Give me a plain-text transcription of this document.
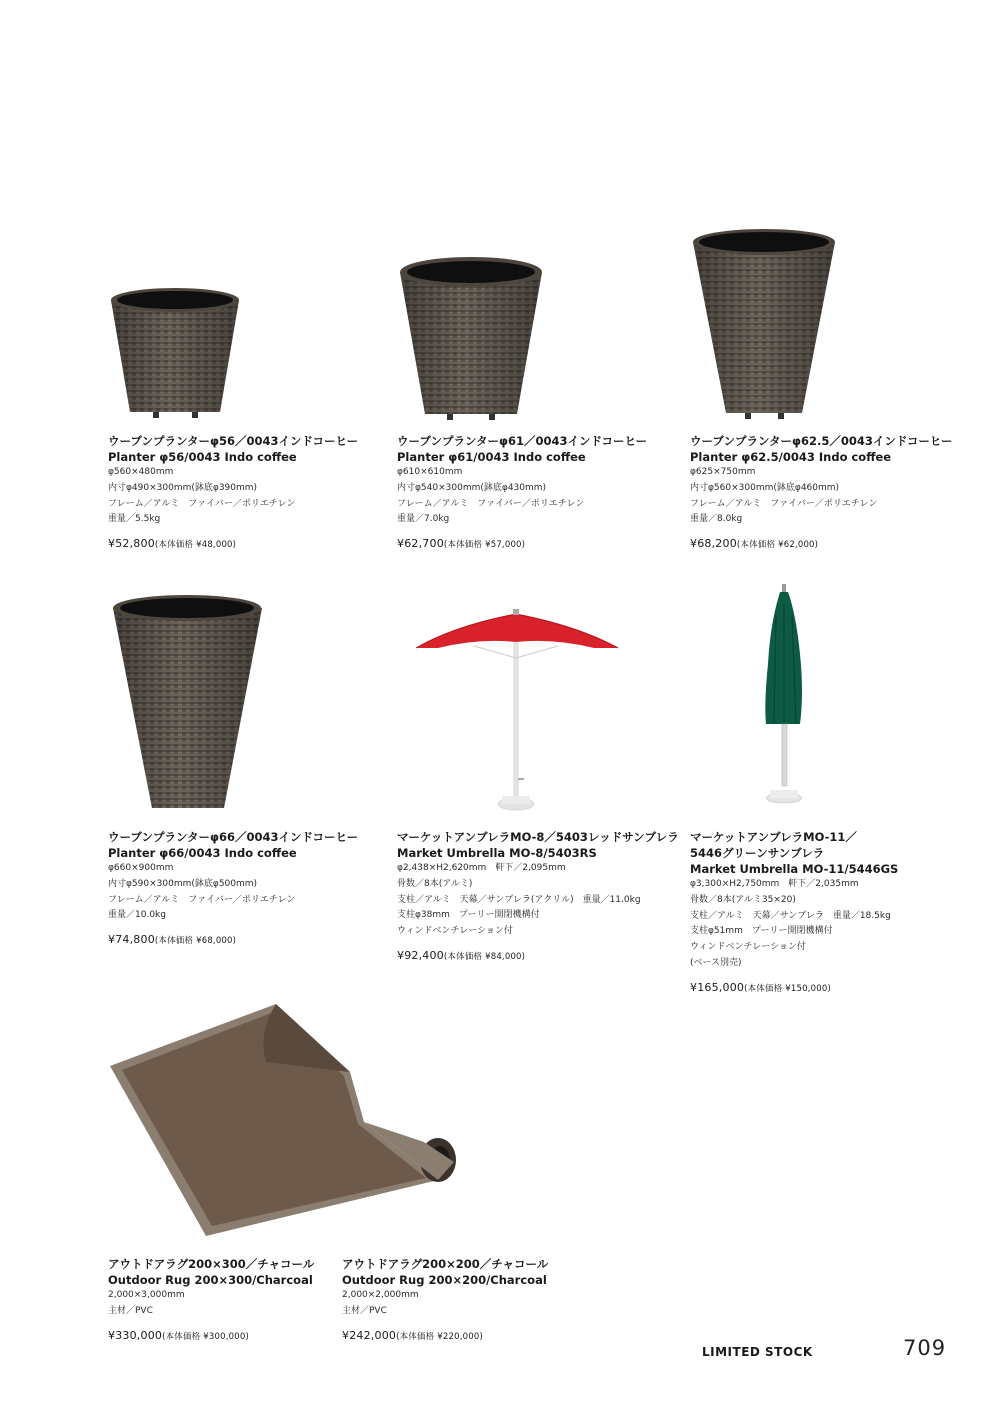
ウーブンプランターφ56／0043インドコーヒー
Planter φ56/0043 Indo coffee
φ560×480mm
内寸φ490×300mm(鉢底φ390mm)
フレーム／アルミ　ファイバー／ポリエチレン
重量／5.5kg
¥52,800(本体価格 ¥48,000)
ウーブンプランターφ61／0043インドコーヒー
Planter φ61/0043 Indo coffee
φ610×610mm
内寸φ540×300mm(鉢底φ430mm)
フレーム／アルミ　ファイバー／ポリエチレン
重量／7.0kg
¥62,700(本体価格 ¥57,000)
ウーブンプランターφ62.5／0043インドコーヒー
Planter φ62.5/0043 Indo coffee
φ625×750mm
内寸φ560×300mm(鉢底φ460mm)
フレーム／アルミ　ファイバー／ポリエチレン
重量／8.0kg
¥68,200(本体価格 ¥62,000)
ウーブンプランターφ66／0043インドコーヒー
Planter φ66/0043 Indo coffee
φ660×900mm
内寸φ590×300mm(鉢底φ500mm)
フレーム／アルミ　ファイバー／ポリエチレン
重量／10.0kg
¥74,800(本体価格 ¥68,000)
マーケットアンブレラMO-8／5403レッドサンブレラ
Market Umbrella MO-8/5403RS
φ2,438×H2,620mm　軒下／2,095mm
骨数／8本(アルミ)
支柱／アルミ　天幕／サンブレラ(アクリル)　重量／11.0kg
支柱φ38mm　プーリー開閉機構付
ウィンドベンチレーション付
¥92,400(本体価格 ¥84,000)
マーケットアンブレラMO-11／
5446グリーンサンブレラ
Market Umbrella MO-11/5446GS
φ3,300×H2,750mm　軒下／2,035mm
骨数／8本(アルミ35×20)
支柱／アルミ　天幕／サンブレラ　重量／18.5kg
支柱φ51mm　プーリー開閉機構付
ウィンドベンチレーション付
(ベース別売)
¥165,000(本体価格 ¥150,000)
アウトドアラグ200×300／チャコール
Outdoor Rug 200×300/Charcoal
2,000×3,000mm
主材／PVC
¥330,000(本体価格 ¥300,000)
アウトドアラグ200×200／チャコール
Outdoor Rug 200×200/Charcoal
2,000×2,000mm
主材／PVC
¥242,000(本体価格 ¥220,000)
LIMITED STOCK	709
